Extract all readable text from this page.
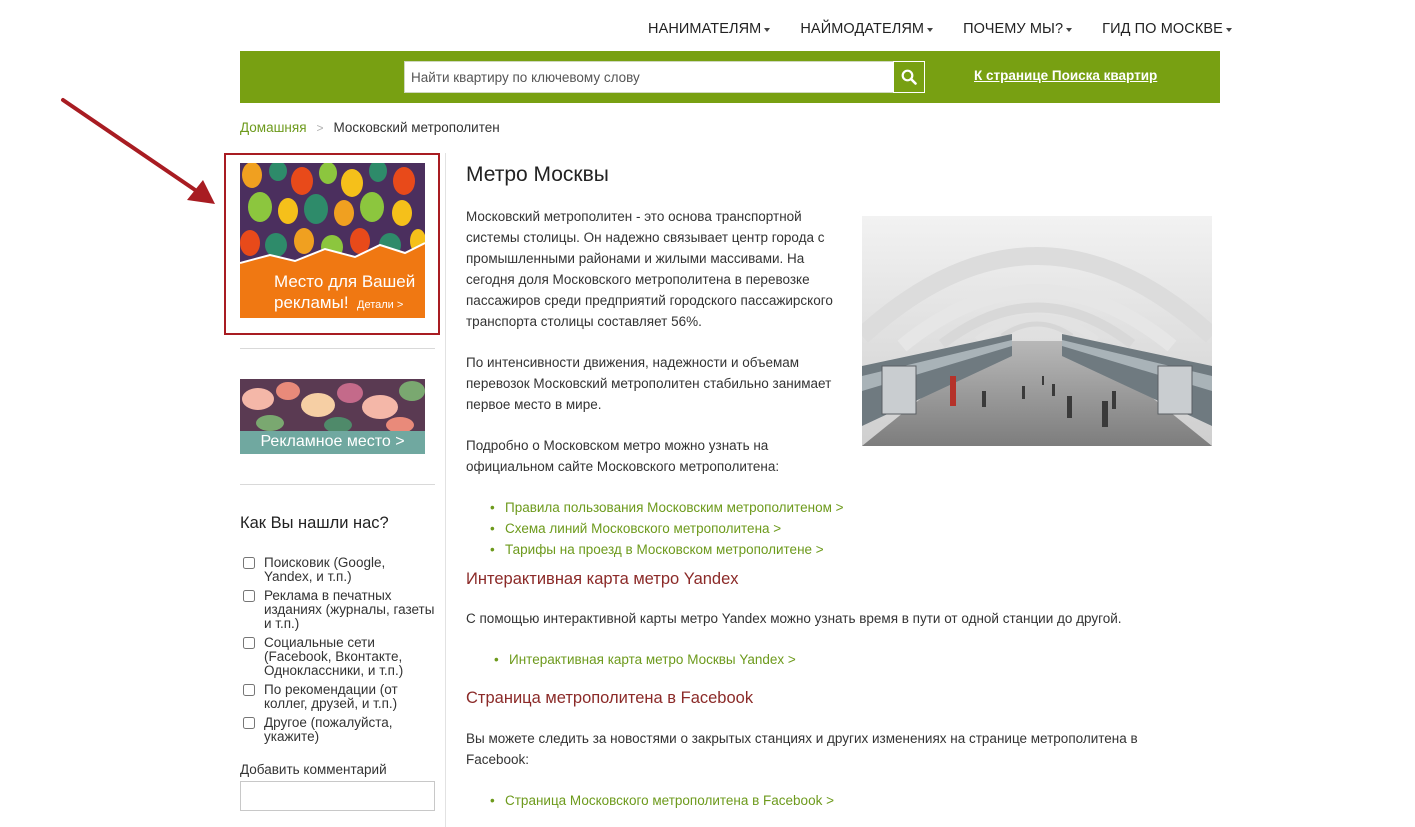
НАНИМАТЕЛЯМ	НАЙМОДАТЕЛЯМ	ПОЧЕМУ МЫ?	ГИД ПО МОСКВЕ
Найти квартиру по ключевому слову
К странице Поиска квартир
Домашняя > Московский метрополитен
Место для Вашей
рекламы! Детали >
Рекламное место >
Как Вы нашли нас?
Поисковик (Google, Yandex, и т.п.)
Реклама в печатных изданиях (журналы, газеты и т.п.)
Социальные сети (Facebook, Вконтакте, Одноклассники, и т.п.)
По рекомендации (от коллег, друзей, и т.п.)
Другое (пожалуйста, укажите)
Добавить комментарий
Метро Москвы
Московский метрополитен - это основа транспортной
системы столицы. Он надежно связывает центр города с
промышленными районами и жилыми массивами. На
сегодня доля Московского метрополитена в перевозке
пассажиров среди предприятий городского пассажирского
транспорта столицы составляет 56%.
По интенсивности движения, надежности и объемам
перевозок Московский метрополитен стабильно занимает
первое место в мире.
Подробно о Московском метро можно узнать на
официальном сайте Московского метрополитена:
• Правила пользования Московским метрополитеном >
• Схема линий Московского метрополитена >
• Тарифы на проезд в Московском метрополитене >
Интерактивная карта метро Yandex
С помощью интерактивной карты метро Yandex можно узнать время в пути от одной станции до другой.
• Интерактивная карта метро Москвы Yandex >
Страница метрополитена в Facebook
Вы можете следить за новостями о закрытых станциях и других изменениях на странице метрополитена в
Facebook:
• Страница Московского метрополитена в Facebook >
